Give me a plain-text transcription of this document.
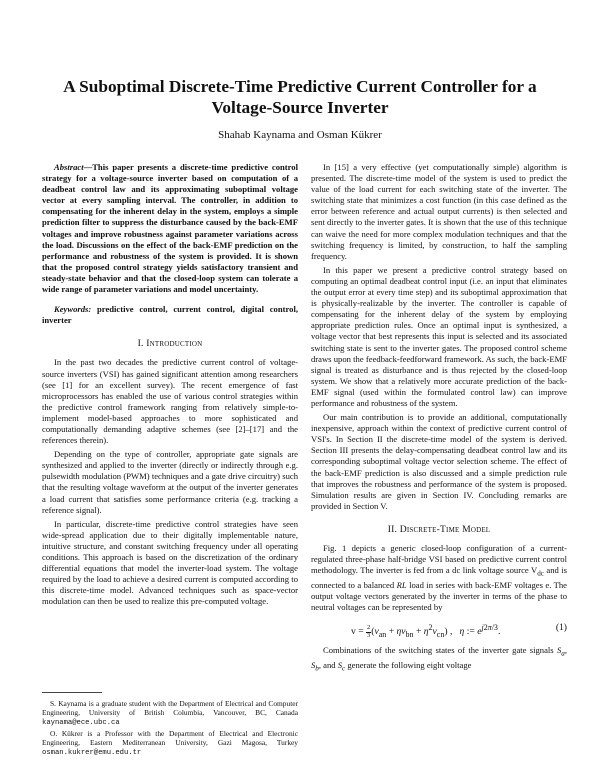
A Suboptimal Discrete-Time Predictive Current Controller for a Voltage-Source Inverter
Shahab Kaynama and Osman Kükrer

Abstract—This paper presents a discrete-time predictive control strategy for a voltage-source inverter based on computation of a deadbeat control law and its approximating suboptimal voltage vector at every sampling interval. The controller, in addition to compensating for the inherent delay in the system, employs a simple prediction filter to suppress the disturbance caused by the back-EMF voltages and improve robustness against parameter variations across the load. Discussions on the effect of the back-EMF prediction on the performance and robustness of the system is provided. It is shown that the proposed control strategy yields satisfactory transient and steady-state behavior and that the closed-loop system can tolerate a wide range of parameter variations and model uncertainty.

Keywords: predictive control, current control, digital control, inverter

I. Introduction

In the past two decades the predictive current control of voltage-source inverters (VSI) has gained significant attention among researchers (see [1] for an excellent survey). The recent emergence of fast microprocessors has enabled the use of various control strategies within the predictive control framework ranging from relatively simple-to-implement model-based approaches to more sophisticated and computationally demanding adaptive schemes (see [2]–[17] and the references therein).

Depending on the type of controller, appropriate gate signals are synthesized and applied to the inverter (directly or indirectly through e.g. pulsewidth modulation (PWM) techniques and a gate drive circuitry) such that the resulting voltage waveform at the output of the inverter generates a load current that satisfies some performance criteria (e.g. tracking a reference signal).

In particular, discrete-time predictive control strategies have seen wide-spread application due to their digitally implementable nature, intuitive structure, and constant switching frequency under all operating conditions. This approach is based on the discretization of the ordinary differential equations that model the inverter-load system. The voltage required by the load to achieve a desired current is computed according to this discrete-time model. Advanced techniques such as space-vector modulation can then be used to realize this pre-computed voltage.

S. Kaynama is a graduate student with the Department of Electrical and Computer Engineering, University of British Columbia, Vancouver, BC, Canada kaynama@ece.ubc.ca

O. Kükrer is a Professor with the Department of Electrical and Electronic Engineering, Eastern Mediterranean University, Gazi Magosa, Turkey osman.kukrer@emu.edu.tr

In [15] a very effective (yet computationally simple) algorithm is presented. The discrete-time model of the system is used to predict the value of the load current for each switching state of the inverter. The switching state that minimizes a cost function (in this case defined as the error between reference and actual output currents) is then selected and sent directly to the inverter gates. It is shown that the use of this technique can waive the need for more complex modulation techniques and that the switching frequency is limited, by construction, to half the sampling frequency.

In this paper we present a predictive control strategy based on computing an optimal deadbeat control input (i.e. an input that eliminates the output error at every time step) and its suboptimal approximation that is physically-realizable by the inverter. The controller is capable of compensating for the inherent delay of the system by employing appropriate prediction rules. Once an optimal input is synthesized, a voltage vector that best represents this input is selected and its associated switching state is sent to the inverter gates. The proposed control scheme draws upon the feedback-feedforward framework. As such, the back-EMF signal is treated as disturbance and is thus rejected by the closed-loop system. We show that a relatively more accurate prediction of the back-EMF signal (used within the formulated control law) can improve performance and robustness of the system.

Our main contribution is to provide an additional, computationally inexpensive, approach within the context of predictive current control of VSI's. In Section II the discrete-time model of the system is derived. Section III presents the delay-compensating deadbeat control law and its corresponding suboptimal voltage vector selection scheme. The effect of the back-EMF prediction is also discussed and a simple prediction rule that improves the robustness and performance of the system is proposed. Simulation results are given in Section IV. Concluding remarks are provided in Section V.

II. Discrete-Time Model

Fig. 1 depicts a generic closed-loop configuration of a current-regulated three-phase half-bridge VSI based on predictive current control methodology. The inverter is fed from a dc link voltage source $V_{dc}$ and is connected to a balanced RL load in series with back-EMF voltages e. The output voltage vectors generated by the inverter in terms of the phase to neutral voltages can be represented by

$v = \frac{2}{3} (v_{an} + \eta v_{bn} + \eta^2v_{cn})$ ,   η := $e^{j2\pi/3}$.	(1)

Combinations of the switching states of the inverter gate signals $S_a$, $S_b$, and $S_c$ generate the following eight voltage
